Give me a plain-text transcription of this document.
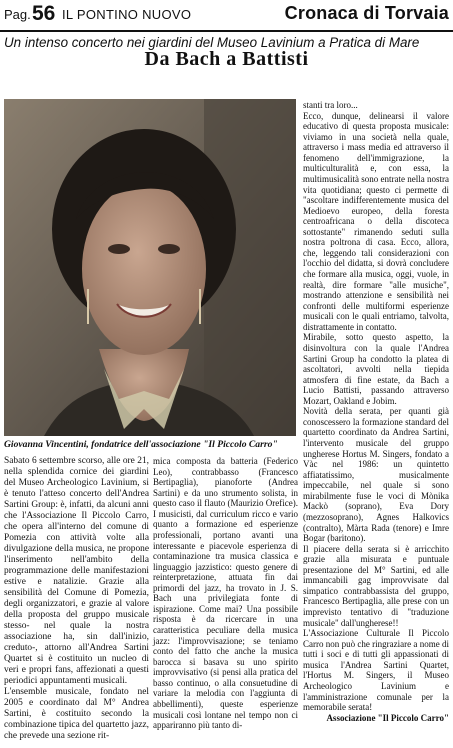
Pag. 56 IL PONTINO NUOVO	Cronaca di Torvaia
Un intenso concerto nei giardini del Museo Lavinium a Pratica di Mare
Da Bach a Battisti
Giovanna Vincentini, fondatrice dell'associazione "Il Piccolo Carro"

Sabato 6 settembre scorso, alle ore 21, nella splendida cornice dei giardini del Museo Archeologico Lavinium, si è tenuto l'atteso concerto dell'Andrea Sartini Group: è, infatti, da alcuni anni che l'Associazione Il Piccolo Carro, che opera all'interno del comune di Pomezia con attività volte alla divulgazione della musica, ne propone l'inserimento nell'ambito della programmazione delle manifestazioni estive e natalizie. Grazie alla sensibilità del Comune di Pomezia, degli organizzatori, e grazie al valore della proposta del gruppo musicale stesso- nel quale la nostra associazione ha, sin dall'inizio, creduto-, attorno all'Andrea Sartini Quartet si è costituito un nucleo di veri e propri fans, affezionati a questi periodici appuntamenti musicali.

L'ensemble musicale, fondato nel 2005 e coordinato dal M° Andrea Sartini, è costituito secondo la combinazione tipica del quartetto jazz, che prevede una sezione rit-

mica composta da batteria (Federico Leo), contrabbasso (Francesco Bertipaglia), pianoforte (Andrea Sartini) e da uno strumento solista, in questo caso il flauto (Maurizio Orefice).

I musicisti, dal curriculum ricco e vario quanto a formazione ed esperienze professionali, portano avanti una interessante e piacevole esperienza di contaminazione tra musica classica e linguaggio jazzistico: questo genere di reinterpretazione, attuata fin dai primordi del jazz, ha trovato in J. S. Bach una privilegiata fonte di ispirazione. Come mai? Una possibile risposta è da ricercare in una caratteristica peculiare della musica jazz: l'improvvisazione; se teniamo conto del fatto che anche la musica barocca si basava su uno spirito improvvisativo (si pensi alla pratica del basso continuo, o alla consuetudine di variare la melodia con l'aggiunta di abbellimenti), queste esperienze musicali così lontane nel tempo non ci appariranno più tanto di-

stanti tra loro...

Ecco, dunque, delinearsi il valore educativo di questa proposta musicale: viviamo in una società nella quale, attraverso i mass media ed attraverso il fenomeno dell'immigrazione, la multiculturalità e, con essa, la multimusicalità sono entrate nella nostra vita quotidiana; questo ci permette di "ascoltare indifferentemente musica del Medioevo europeo, della foresta centroafricana o della discoteca sottostante" rimanendo seduti sulla nostra poltrona di casa. Ecco, allora, che, leggendo tali considerazioni con l'occhio del didatta, si dovrà concludere che formare alla musica, oggi, vuole, in realtà, dire formare "alle musiche", mostrando attenzione e sensibilità nei confronti delle multiformi esperienze musicali con le quali entriamo, talvolta, distrattamente in contatto.

Mirabile, sotto questo aspetto, la disinvoltura con la quale l'Andrea Sartini Group ha condotto la platea di ascoltatori, avvolti nella tiepida atmosfera di fine estate, da Bach a Lucio Battisti, passando attraverso Mozart, Oakland e Jobim.

Novità della serata, per quanti già conoscessero la formazione standard del quartetto coordinato da Andrea Sartini, l'intervento musicale del gruppo ungherese Hortus M. Singers, fondato a Vàc nel 1986: un quintetto affiatatissimo, musicalmente impeccabile, nel quale si sono mirabilmente fuse le voci di Mònika Mackò (soprano), Eva Dory (mezzosoprano), Agnes Halkovics (contralto), Màrta Rada (tenore) e Imre Bogar (baritono).

Il piacere della serata si è arricchito grazie alla misurata e puntuale presentazione del M° Sartini, ed alle immancabili gag improvvisate dal simpatico contrabbassista del gruppo, Francesco Bertipaglia, alle prese con un imprevisto tentativo di "traduzione musicale" dall'ungherese!!

L'Associazione Culturale Il Piccolo Carro non può che ringraziare a nome di tutti i soci e di tutti gli appassionati di musica l'Andrea Sartini Quartet, l'Hortus M. Singers, il Museo Archeologico Lavinium e l'amministrazione comunale per la memorabile serata!

Associazione "Il Piccolo Carro"
